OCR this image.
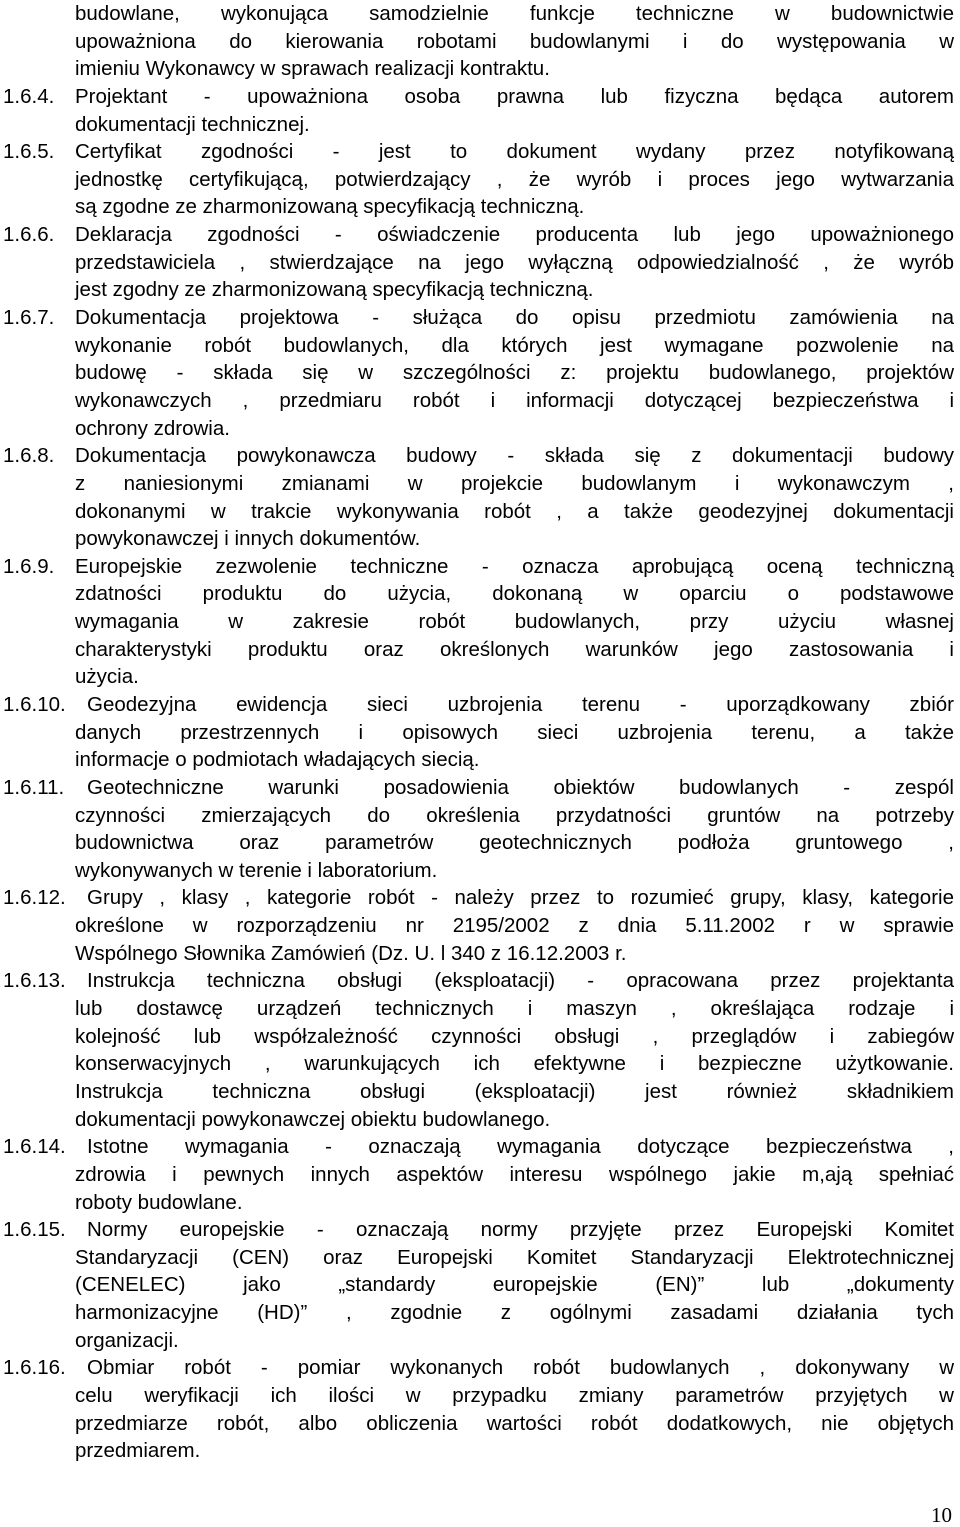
budowlane, wykonująca samodzielnie funkcje techniczne w budownictwie
upoważniona do kierowania robotami budowlanymi i do występowania w
imieniu Wykonawcy w sprawach realizacji kontraktu.
1.6.4. Projektant - upoważniona osoba prawna lub fizyczna będąca autorem
dokumentacji technicznej.
1.6.5. Certyfikat zgodności - jest to dokument wydany przez notyfikowaną
jednostkę certyfikującą, potwierdzający , że wyrób i proces jego wytwarzania
są zgodne ze zharmonizowaną specyfikacją techniczną.
1.6.6. Deklaracja zgodności - oświadczenie producenta lub jego upoważnionego
przedstawiciela , stwierdzające na jego wyłączną odpowiedzialność , że wyrób
jest zgodny ze zharmonizowaną specyfikacją techniczną.
1.6.7. Dokumentacja projektowa - służąca do opisu przedmiotu zamówienia na
wykonanie robót budowlanych, dla których jest wymagane pozwolenie na
budowę - składa się w szczególności z: projektu budowlanego, projektów
wykonawczych , przedmiaru robót i informacji dotyczącej bezpieczeństwa i
ochrony zdrowia.
1.6.8. Dokumentacja powykonawcza budowy - składa się z dokumentacji budowy
z naniesionymi zmianami w projekcie budowlanym i wykonawczym ,
dokonanymi w trakcie wykonywania robót , a także geodezyjnej dokumentacji
powykonawczej i innych dokumentów.
1.6.9. Europejskie zezwolenie techniczne - oznacza aprobującą oceną techniczną
zdatności produktu do użycia, dokonaną w oparciu o podstawowe
wymagania w zakresie robót budowlanych, przy użyciu własnej
charakterystyki produktu oraz określonych warunków jego zastosowania i
użycia.
1.6.10. Geodezyjna ewidencja sieci uzbrojenia terenu - uporządkowany zbiór
danych przestrzennych i opisowych sieci uzbrojenia terenu, a także
informacje o podmiotach władających siecią.
1.6.11. Geotechniczne warunki posadowienia obiektów budowlanych - zespól
czynności zmierzających do określenia przydatności gruntów na potrzeby
budownictwa oraz parametrów geotechnicznych podłoża gruntowego ,
wykonywanych w terenie i laboratorium.
1.6.12. Grupy , klasy , kategorie robót - należy przez to rozumieć grupy, klasy, kategorie
określone w rozporządzeniu nr 2195/2002 z dnia 5.11.2002 r w sprawie
Wspólnego Słownika Zamówień (Dz. U. l 340 z 16.12.2003 r.
1.6.13. Instrukcja techniczna obsługi (eksploatacji) - opracowana przez projektanta
lub dostawcę urządzeń technicznych i maszyn , określająca rodzaje i
kolejność lub współzależność czynności obsługi , przeglądów i zabiegów
konserwacyjnych , warunkujących ich efektywne i bezpieczne użytkowanie.
Instrukcja techniczna obsługi (eksploatacji) jest również składnikiem
dokumentacji powykonawczej obiektu budowlanego.
1.6.14. Istotne wymagania - oznaczają wymagania dotyczące bezpieczeństwa ,
zdrowia i pewnych innych aspektów interesu wspólnego jakie m,ają spełniać
roboty budowlane.
1.6.15. Normy europejskie - oznaczają normy przyjęte przez Europejski Komitet
Standaryzacji (CEN) oraz Europejski Komitet Standaryzacji Elektrotechnicznej
(CENELEC) jako „standardy europejskie (EN)” lub „dokumenty
harmonizacyjne (HD)” , zgodnie z ogólnymi zasadami działania tych
organizacji.
1.6.16. Obmiar robót - pomiar wykonanych robót budowlanych , dokonywany w
celu weryfikacji ich ilości w przypadku zmiany parametrów przyjętych w
przedmiarze robót, albo obliczenia wartości robót dodatkowych, nie objętych
przedmiarem.
10
